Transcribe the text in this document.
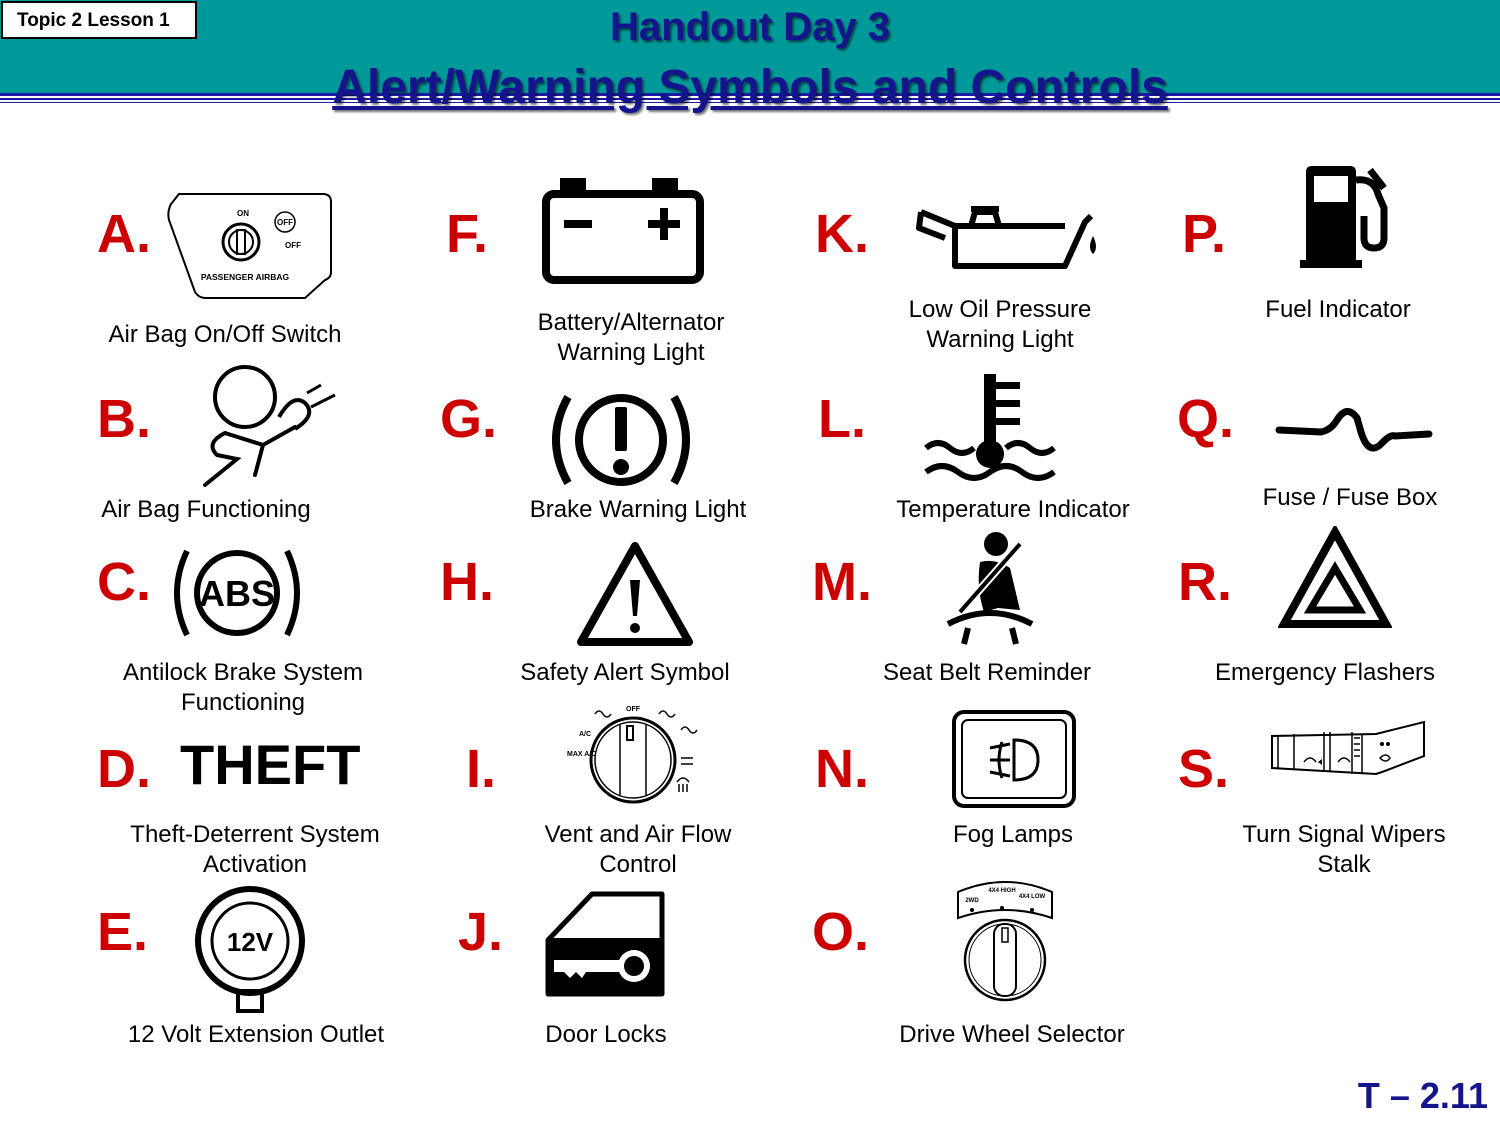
Topic 2 Lesson 1	Handout Day 3
Alert/Warning Symbols and Controls
A.	ON
OFF
OFF
PASSENGER AIRBAG
Air Bag On/Off Switch
B.
Air Bag Functioning
C. ABS
Antilock Brake System
Functioning
D. THEFT
Theft-Deterrent System
Activation
E.	12V
12 Volt Extension Outlet
F.
Battery/Alternator
Warning Light
G.
Brake Warning Light
H.
Safety Alert Symbol
I.
OFF
A/C
MAX A/C
Vent and Air Flow
Control
J.
Door Locks
K.
Low Oil Pressure
Warning Light
L.
Temperature Indicator
M.
Seat Belt Reminder
N.
Fog Lamps
O.
2WD
4X4 HIGH
4X4 LOW
Drive Wheel Selector
P.
Fuel Indicator
Q.
Fuse / Fuse Box
R.
Emergency Flashers
S.
Turn Signal Wipers
Stalk
T – 2.11
